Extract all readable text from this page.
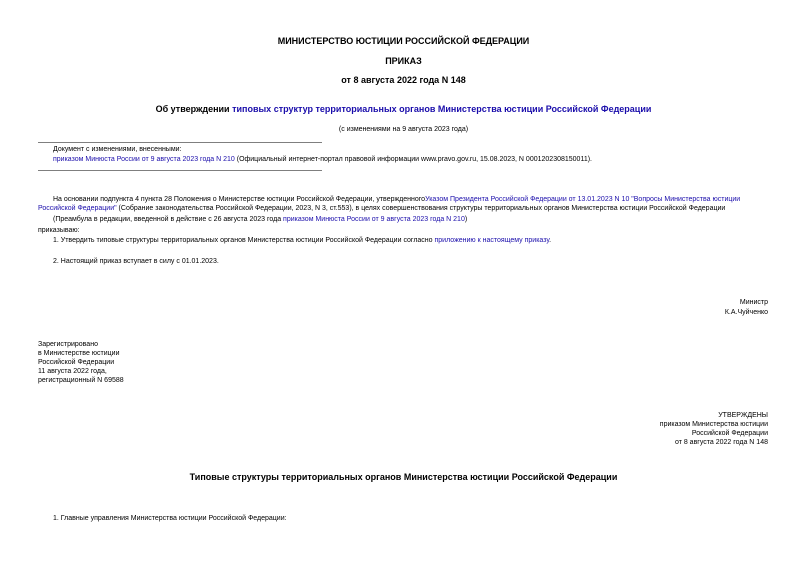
МИНИСТЕРСТВО ЮСТИЦИИ РОССИЙСКОЙ ФЕДЕРАЦИИ
ПРИКАЗ
от 8 августа 2022 года N 148
Об утверждении типовых структур территориальных органов Министерства юстиции Российской Федерации
(с изменениями на 9 августа 2023 года)
Документ с изменениями, внесенными:
приказом Минюста России от 9 августа 2023 года N 210 (Официальный интернет-портал правовой информации www.pravo.gov.ru, 15.08.2023, N 0001202308150011).
На основании подпункта 4 пункта 28 Положения о Министерстве юстиции Российской Федерации, утвержденногоУказом Президента Российской Федерации от 13.01.2023 N 10 "Вопросы Министерства юстиции Российской Федерации" (Собрание законодательства Российской Федерации, 2023, N 3, ст.553), в целях совершенствования структуры территориальных органов Министерства юстиции Российской Федерации
(Преамбула в редакции, введенной в действие с 26 августа 2023 года приказом Минюста России от 9 августа 2023 года N 210)
приказываю:
1. Утвердить типовые структуры территориальных органов Министерства юстиции Российской Федерации согласно приложению к настоящему приказу.
2. Настоящий приказ вступает в силу с 01.01.2023.
Министр
К.А.Чуйченко
Зарегистрировано
в Министерстве юстиции
Российской Федерации
11 августа 2022 года,
регистрационный N 69588
УТВЕРЖДЕНЫ
приказом Министерства юстиции
Российской Федерации
от 8 августа 2022 года N 148
Типовые структуры территориальных органов Министерства юстиции Российской Федерации
1. Главные управления Министерства юстиции Российской Федерации:
